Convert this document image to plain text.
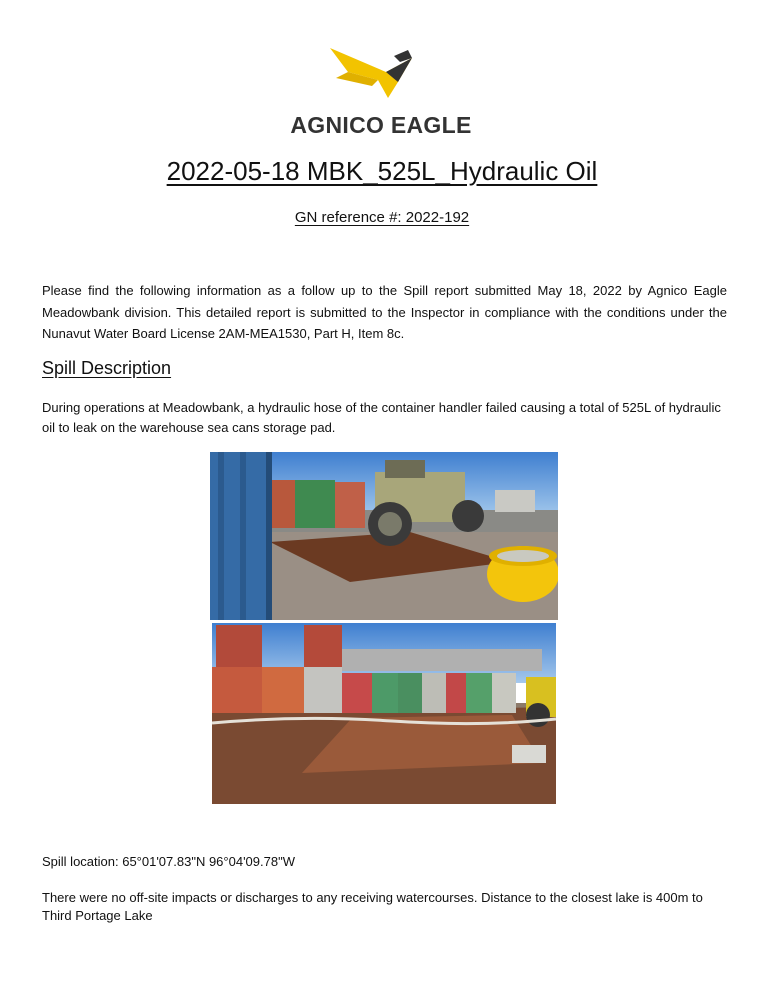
AGNICO EAGLE
2022-05-18 MBK_525L_Hydraulic Oil
GN reference #: 2022-192

Please find the following information as a follow up to the Spill report submitted May 18, 2022 by Agnico Eagle Meadowbank division. This detailed report is submitted to the Inspector in compliance with the conditions under the Nunavut Water Board License 2AM-MEA1530, Part H, Item 8c.

Spill Description

During operations at Meadowbank, a hydraulic hose of the container handler failed causing a total of 525L of hydraulic oil to leak on the warehouse sea cans storage pad.

Spill location: 65°01'07.83"N 96°04'09.78"W

There were no off-site impacts or discharges to any receiving watercourses. Distance to the closest lake is 400m to Third Portage Lake
